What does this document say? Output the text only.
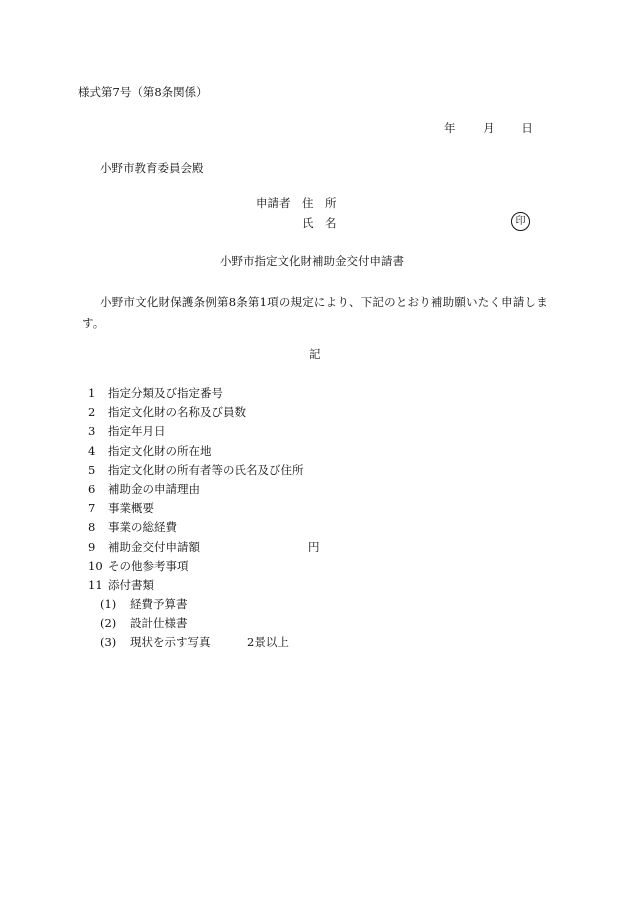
様式第7号（第8条関係）
年 月 日
小野市教育委員会殿
申請者 住　所
氏　名	印
小野市指定文化財補助金交付申請書
小野市文化財保護条例第8条第1項の規定により、下記のとおり補助願いたく申請します。
記
1 指定分類及び指定番号
2 指定文化財の名称及び員数
3 指定年月日
4 指定文化財の所在地
5 指定文化財の所有者等の氏名及び住所
6 補助金の申請理由
7 事業概要
8 事業の総経費
9 補助金交付申請額	円
10 その他参考事項
11 添付書類
(1) 経費予算書
(2) 設計仕様書
(3) 現状を示す写真	2景以上
